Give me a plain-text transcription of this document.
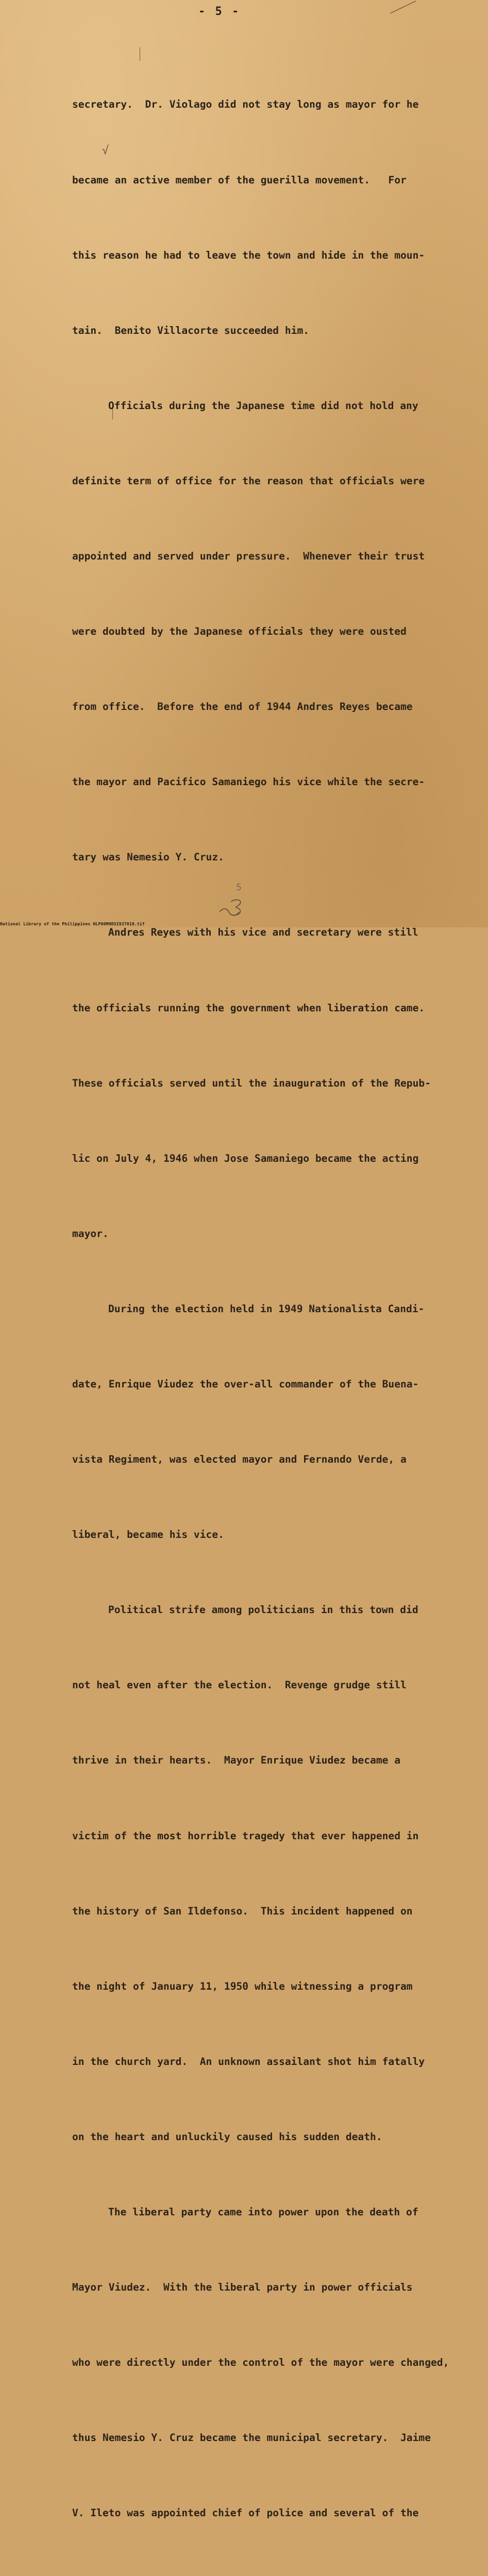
- 5 -
√

secretary.  Dr. Violago did not stay long as mayor for he

became an active member of the guerilla movement.   For

this reason he had to leave the town and hide in the moun-

tain.  Benito Villacorte succeeded him.

Officials during the Japanese time did not hold any

definite term of office for the reason that officials were

appointed and served under pressure.  Whenever their trust

were doubted by the Japanese officials they were ousted

from office.  Before the end of 1944 Andres Reyes became

the mayor and Pacifico Samaniego his vice while the secre-

tary was Nemesio Y. Cruz.

Andres Reyes with his vice and secretary were still

the officials running the government when liberation came.

These officials served until the inauguration of the Repub-

lic on July 4, 1946 when Jose Samaniego became the acting

mayor.

During the election held in 1949 Nationalista Candi-

date, Enrique Viudez the over-all commander of the Buena-

vista Regiment, was elected mayor and Fernando Verde, a

liberal, became his vice.

Political strife among politicians in this town did

not heal even after the election.  Revenge grudge still

thrive in their hearts.  Mayor Enrique Viudez became a

victim of the most horrible tragedy that ever happened in

the history of San Ildefonso.  This incident happened on

the night of January 11, 1950 while witnessing a program

in the church yard.  An unknown assailant shot him fatally

on the heart and unluckily caused his sudden death.

The liberal party came into power upon the death of

Mayor Viudez.  With the liberal party in power officials

who were directly under the control of the mayor were changed,

thus Nemesio Y. Cruz became the municipal secretary.  Jaime

V. Ileto was appointed chief of police and several of the

5
National Library of the Philippines NLP00MHDSI837010.tif
